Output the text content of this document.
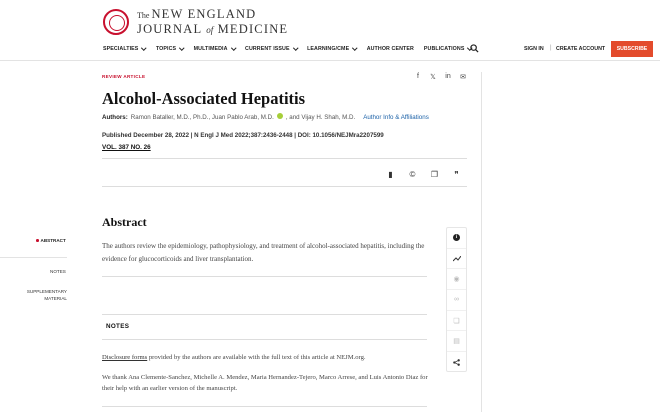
The NEW ENGLAND
JOURNAL of MEDICINE
SPECIALTIES	TOPICS	MULTIMEDIA	CURRENT ISSUE	LEARNING/CME	AUTHOR CENTER PUBLICATIONS	SIGN IN | CREATE ACCOUNT	SUBSCRIBE
REVIEW ARTICLE	f	𝕏 in ✉
Alcohol-Associated Hepatitis
Authors: Ramon Bataller, M.D., Ph.D., Juan Pablo Arab, M.D. , and Vijay H. Shah, M.D. Author Info & Affiliations
Published December 28, 2022 | N Engl J Med 2022;387:2436-2448 | DOI: 10.1056/NEJMra2207599
VOL. 387 NO. 26
▮ © ❐ ❞
ABSTRACT
NOTES
SUPPLEMENTARY
MATERIAL
Abstract

The authors review the epidemiology, pathophysiology, and treatment of alcohol-associated hepatitis, including the evidence for glucocorticoids and liver transplantation.

NOTES

Disclosure forms provided by the authors are available with the full text of this article at NEJM.org.

We thank Ana Clemente-Sanchez, Michelle A. Mendez, Maria Hernandez-Tejero, Marco Arrese, and Luis Antonio Diaz for their help with an earlier version of the manuscript.

i
◉
∞
❏
▤
